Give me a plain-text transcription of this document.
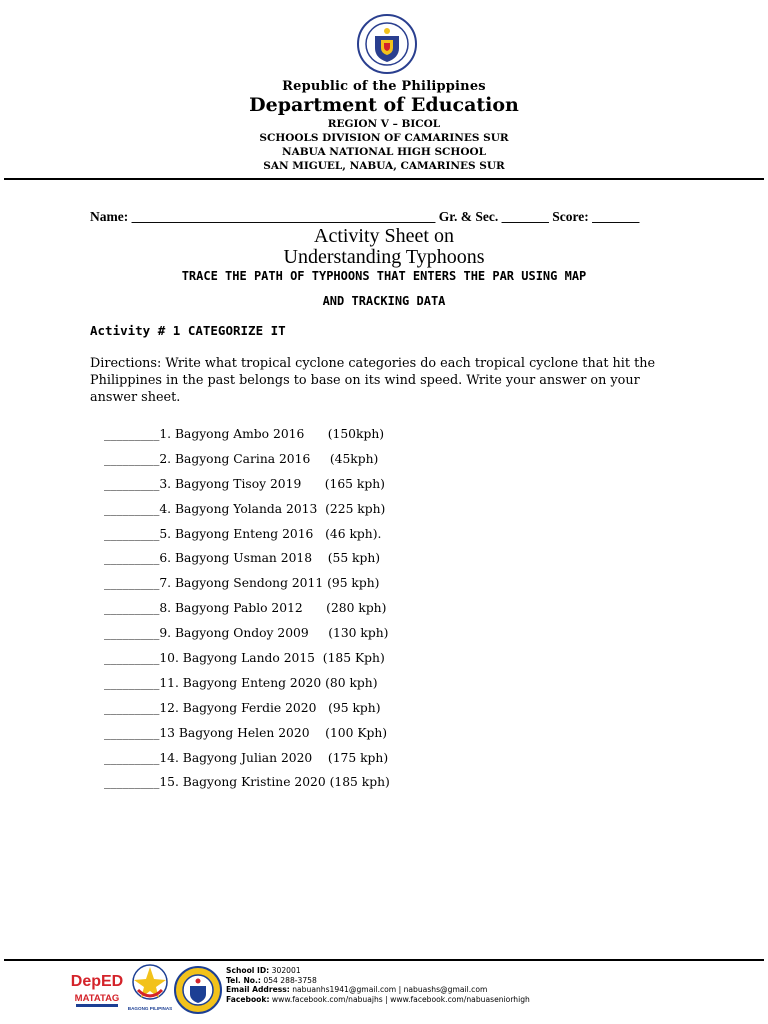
Republic of the Philippines
Department of Education
REGION V – BICOL
SCHOOLS DIVISION OF CAMARINES SUR
NABUA NATIONAL HIGH SCHOOL
SAN MIGUEL, NABUA, CAMARINES SUR
Name: _____________________________________________ Gr. & Sec. _______ Score: _______
Activity Sheet on
Understanding Typhoons
TRACE THE PATH OF TYPHOONS THAT ENTERS THE PAR USING MAP
AND TRACKING DATA
Activity # 1 CATEGORIZE IT
Directions: Write what tropical cyclone categories do each tropical cyclone that hit the Philippines in the past belongs to base on its wind speed. Write your answer on your answer sheet.
_________1. Bagyong Ambo 2016      (150kph)
_________2. Bagyong Carina 2016     (45kph)
_________3. Bagyong Tisoy 2019      (165 kph)
_________4. Bagyong Yolanda 2013  (225 kph)
_________5. Bagyong Enteng 2016   (46 kph).
_________6. Bagyong Usman 2018    (55 kph)
_________7. Bagyong Sendong 2011 (95 kph)
_________8. Bagyong Pablo 2012      (280 kph)
_________9. Bagyong Ondoy 2009     (130 kph)
_________10. Bagyong Lando 2015  (185 Kph)
_________11. Bagyong Enteng 2020 (80 kph)
_________12. Bagyong Ferdie 2020   (95 kph)
_________13 Bagyong Helen 2020    (100 Kph)
_________14. Bagyong Julian 2020    (175 kph)
_________15. Bagyong Kristine 2020 (185 kph)
DepED
MATATAG
BAGONG PILIPINAS
School ID: 302001
Tel. No.: 054 288-3758
Email Address: nabuanhs1941@gmail.com | nabuashs@gmail.com
Facebook: www.facebook.com/nabuajhs | www.facebook.com/nabuaseniorhigh
